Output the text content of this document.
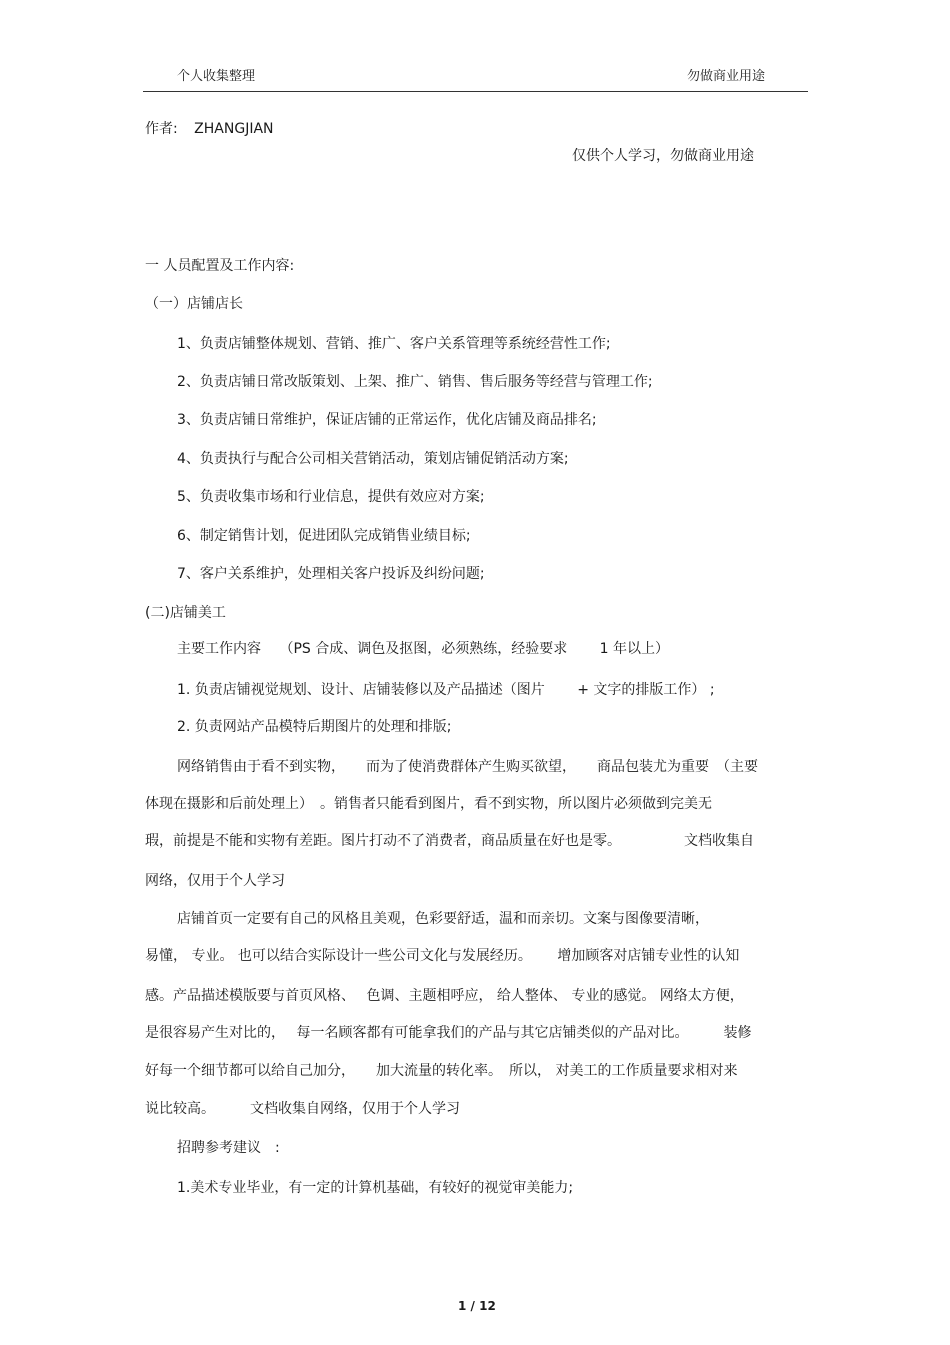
个人收集整理	勿做商业用途
作者: ZHANGJIAN
仅供个人学习，勿做商业用途
一 人员配置及工作内容:
（一）店铺店长
1、负责店铺整体规划、营销、推广、客户关系管理等系统经营性工作;
2、负责店铺日常改版策划、上架、推广、销售、售后服务等经营与管理工作;
3、负责店铺日常维护，保证店铺的正常运作，优化店铺及商品排名;
4、负责执行与配合公司相关营销活动，策划店铺促销活动方案;
5、负责收集市场和行业信息，提供有效应对方案;
6、制定销售计划，促进团队完成销售业绩目标;
7、客户关系维护，处理相关客户投诉及纠纷问题;
(二)店铺美工
主要工作内容　 （PS 合成、调色及抠图，必须熟练，经验要求　　 1 年以上）
1. 负责店铺视觉规划、设计、店铺装修以及产品描述（图片　　 + 文字的排版工作） ;
2. 负责网站产品模特后期图片的处理和排版;
网络销售由于看不到实物，　　而为了使消费群体产生购买欲望，　　商品包装尤为重要　（主要
体现在摄影和后前处理上）　。销售者只能看到图片，看不到实物，所以图片必须做到完美无
瑕，前提是不能和实物有差距。图片打动不了消费者，商品质量在好也是零。　　　　　文档收集自
网络，仅用于个人学习
店铺首页一定要有自己的风格且美观，色彩要舒适，温和而亲切。文案与图像要清晰，
易懂， 专业。 也可以结合实际设计一些公司文化与发展经历。　　 增加顾客对店铺专业性的认知
感。产品描述模版要与首页风格、　 色调、主题相呼应， 给人整体、 专业的感觉。 网络太方便，
是很容易产生对比的，　 每一名顾客都有可能拿我们的产品与其它店铺类似的产品对比。　　　装修
好每一个细节都可以给自己加分，　　加大流量的转化率。　所以， 对美工的工作质量要求相对来
说比较高。　　　文档收集自网络，仅用于个人学习
招聘参考建议　:
1.美术专业毕业，有一定的计算机基础，有较好的视觉审美能力;
1 / 12
